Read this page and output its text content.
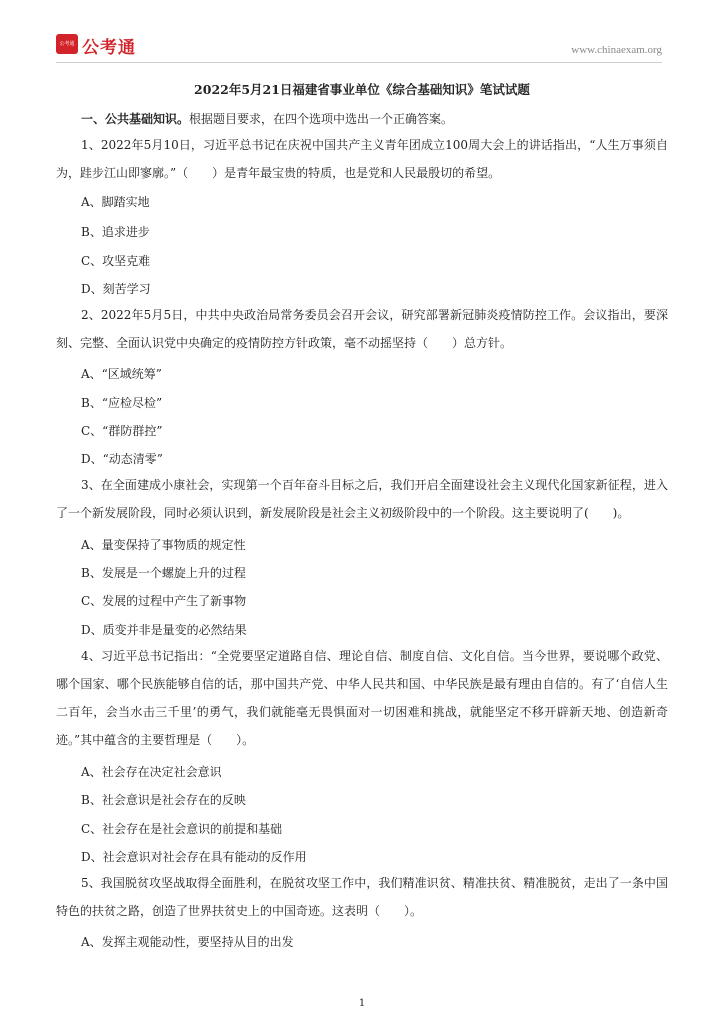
公考通 公考通	www.chinaexam.org
2022年5月21日福建省事业单位《综合基础知识》笔试试题
一、公共基础知识。根据题目要求，在四个选项中选出一个正确答案。
1、2022年5月10日，习近平总书记在庆祝中国共产主义青年团成立100周大会上的讲话指出，“人生万事须自为，跬步江山即寥廓。”（　　）是青年最宝贵的特质，也是党和人民最殷切的希望。
A、脚踏实地
B、追求进步
C、攻坚克难
D、刻苦学习
2、2022年5月5日，中共中央政治局常务委员会召开会议，研究部署新冠肺炎疫情防控工作。会议指出，要深刻、完整、全面认识党中央确定的疫情防控方针政策，毫不动摇坚持（　　）总方针。
A、“区域统筹”
B、“应检尽检”
C、“群防群控”
D、“动态清零”
3、在全面建成小康社会，实现第一个百年奋斗目标之后，我们开启全面建设社会主义现代化国家新征程，进入了一个新发展阶段，同时必须认识到，新发展阶段是社会主义初级阶段中的一个阶段。这主要说明了(　　)。
A、量变保持了事物质的规定性
B、发展是一个螺旋上升的过程
C、发展的过程中产生了新事物
D、质变并非是量变的必然结果
4、习近平总书记指出：“全党要坚定道路自信、理论自信、制度自信、文化自信。当今世界，要说哪个政党、哪个国家、哪个民族能够自信的话，那中国共产党、中华人民共和国、中华民族是最有理由自信的。有了‘自信人生二百年，会当水击三千里’的勇气，我们就能毫无畏惧面对一切困难和挑战，就能坚定不移开辟新天地、创造新奇迹。”其中蕴含的主要哲理是（　　）。
A、社会存在决定社会意识
B、社会意识是社会存在的反映
C、社会存在是社会意识的前提和基础
D、社会意识对社会存在具有能动的反作用
5、我国脱贫攻坚战取得全面胜利，在脱贫攻坚工作中，我们精准识贫、精准扶贫、精准脱贫，走出了一条中国特色的扶贫之路，创造了世界扶贫史上的中国奇迹。这表明（　　）。
A、发挥主观能动性，要坚持从目的出发
1
